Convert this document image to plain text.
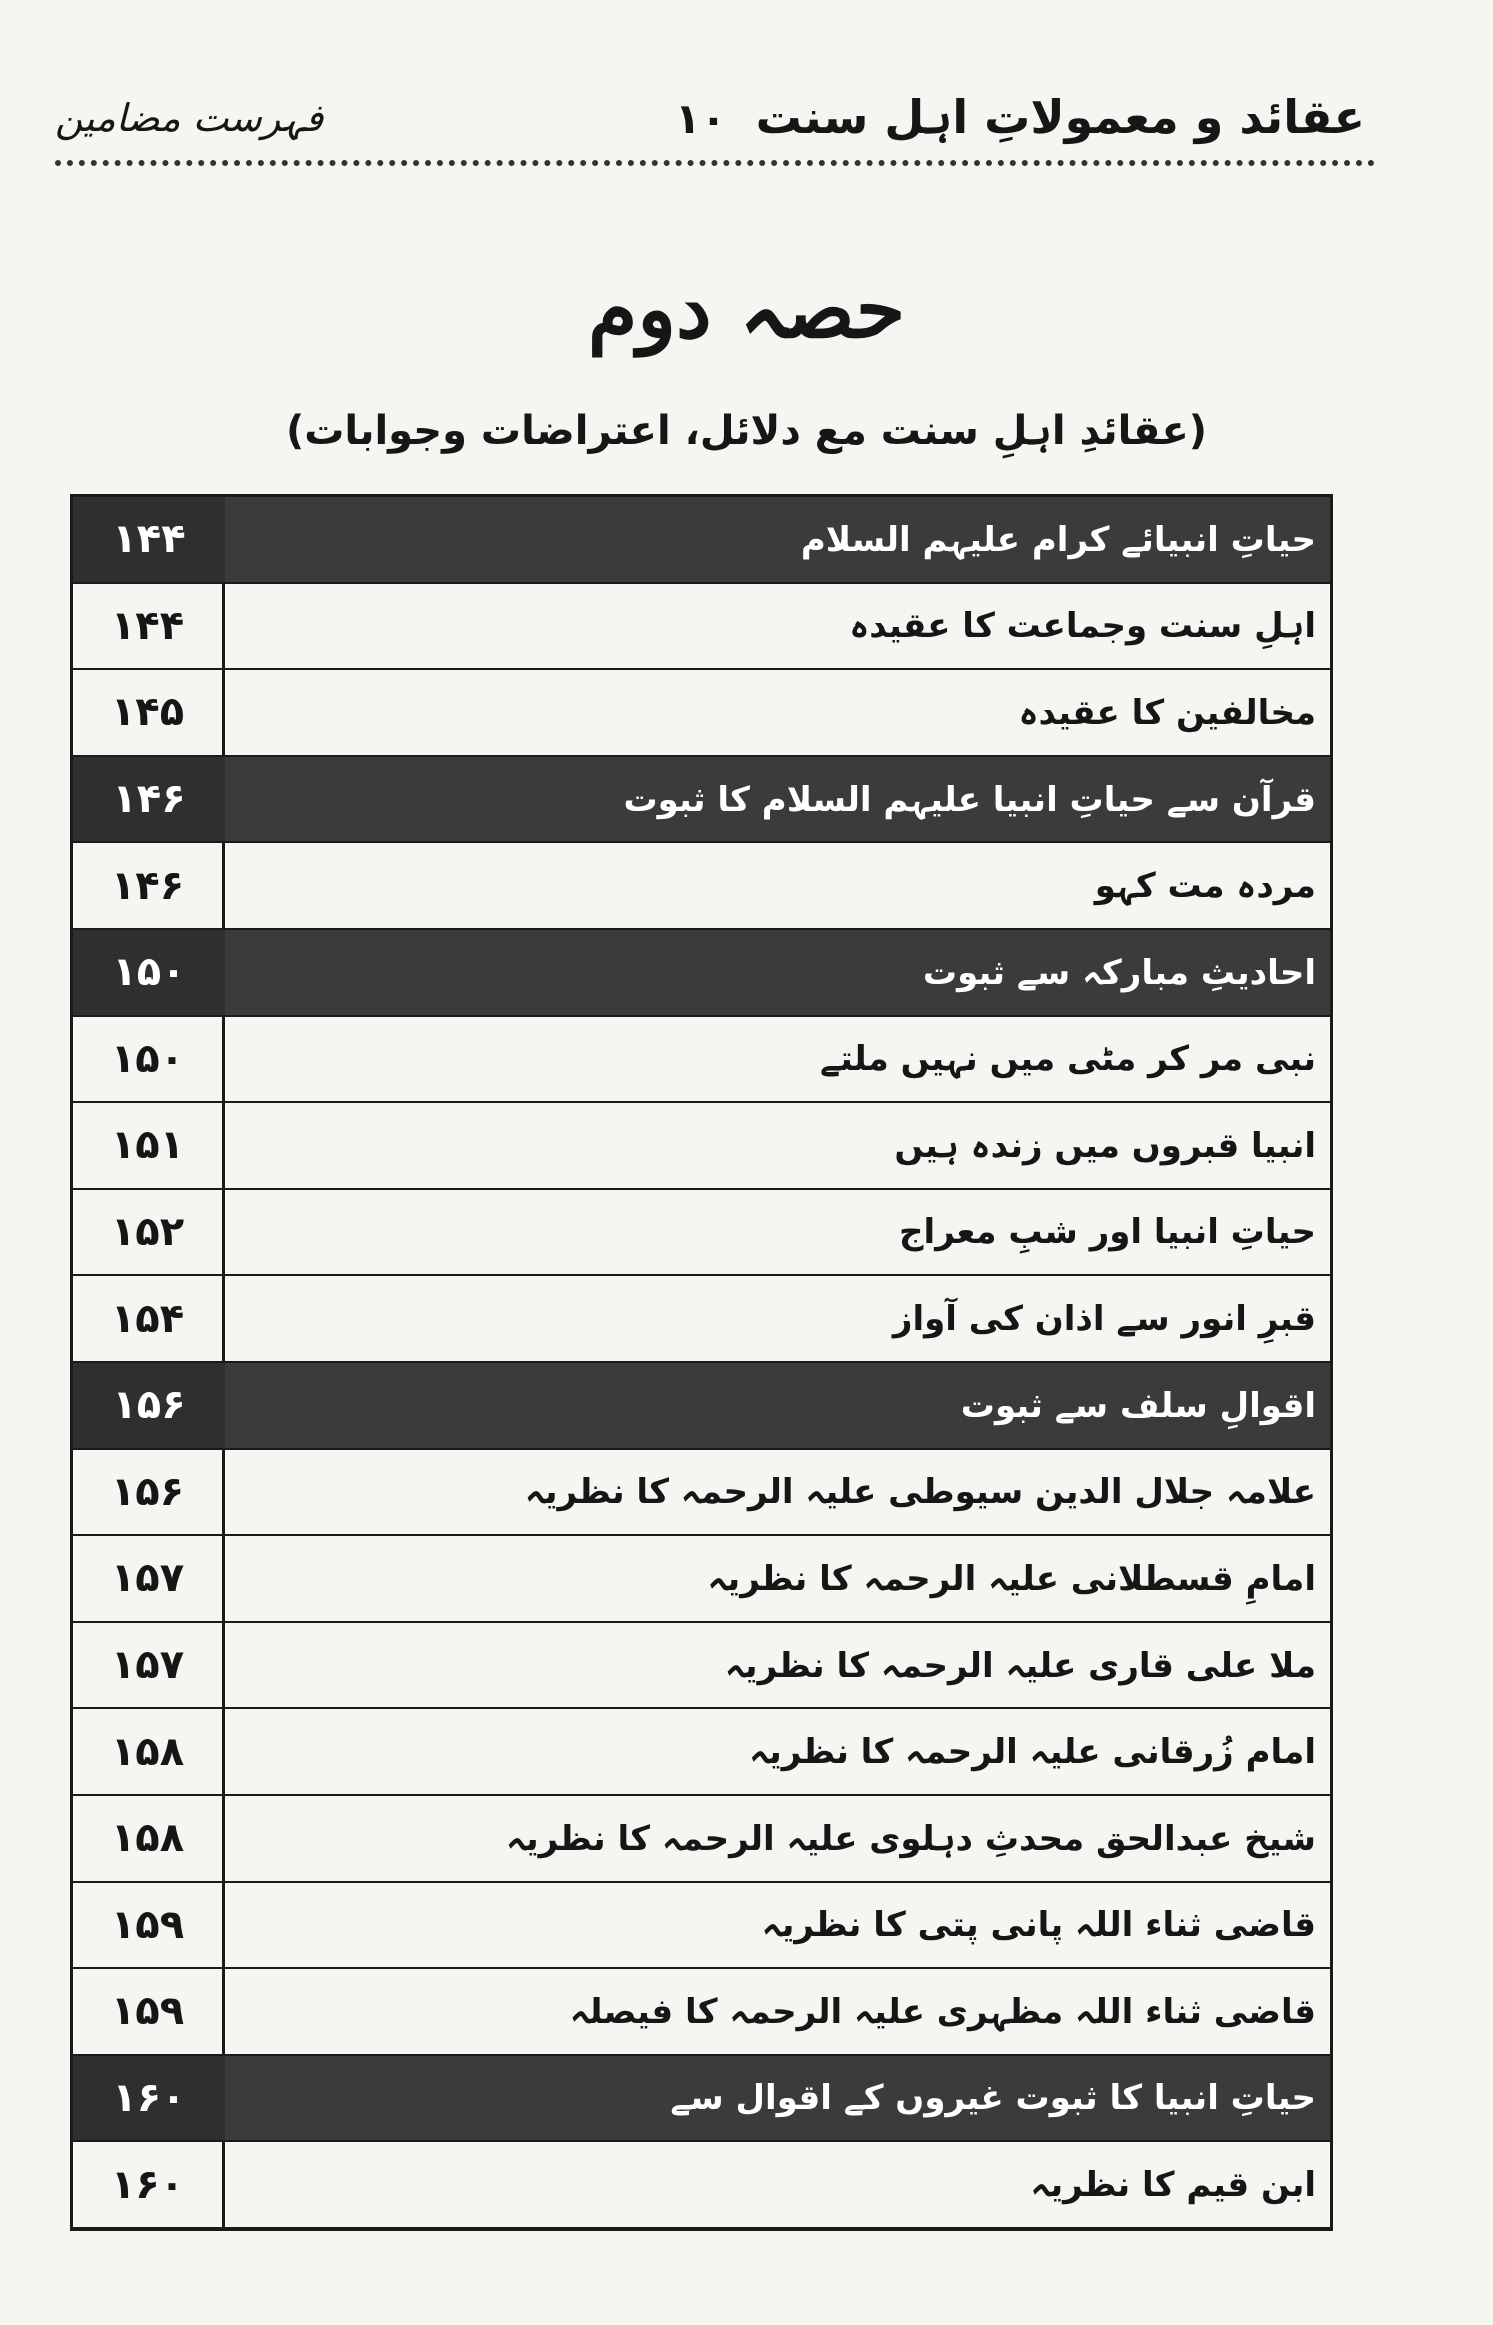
عقائد و معمولاتِ اہل سنت
۱۰
فہرست مضامین
حصہ دوم
(عقائدِ اہلِ سنت مع دلائل، اعتراضات وجوابات)
۱۴۴	حیاتِ انبیائے کرام علیہم السلام
۱۴۴	اہلِ سنت وجماعت کا عقیدہ
۱۴۵	مخالفین کا عقیدہ
۱۴۶	قرآن سے حیاتِ انبیا علیہم السلام کا ثبوت
۱۴۶	مردہ مت کہو
۱۵۰	احادیثِ مبارکہ سے ثبوت
۱۵۰	نبی مر کر مٹی میں نہیں ملتے
۱۵۱	انبیا قبروں میں زندہ ہیں
۱۵۲	حیاتِ انبیا اور شبِ معراج
۱۵۴	قبرِ انور سے اذان کی آواز
۱۵۶	اقوالِ سلف سے ثبوت
۱۵۶	علامہ جلال الدین سیوطی علیہ الرحمہ کا نظریہ
۱۵۷	امامِ قسطلانی علیہ الرحمہ کا نظریہ
۱۵۷	ملا علی قاری علیہ الرحمہ کا نظریہ
۱۵۸	امام زُرقانی علیہ الرحمہ کا نظریہ
۱۵۸	شیخ عبدالحق محدثِ دہلوی علیہ الرحمہ کا نظریہ
۱۵۹	قاضی ثناء اللہ پانی پتی کا نظریہ
۱۵۹	قاضی ثناء اللہ مظہری علیہ الرحمہ کا فیصلہ
۱۶۰	حیاتِ انبیا کا ثبوت غیروں کے اقوال سے
۱۶۰	ابن قیم کا نظریہ
